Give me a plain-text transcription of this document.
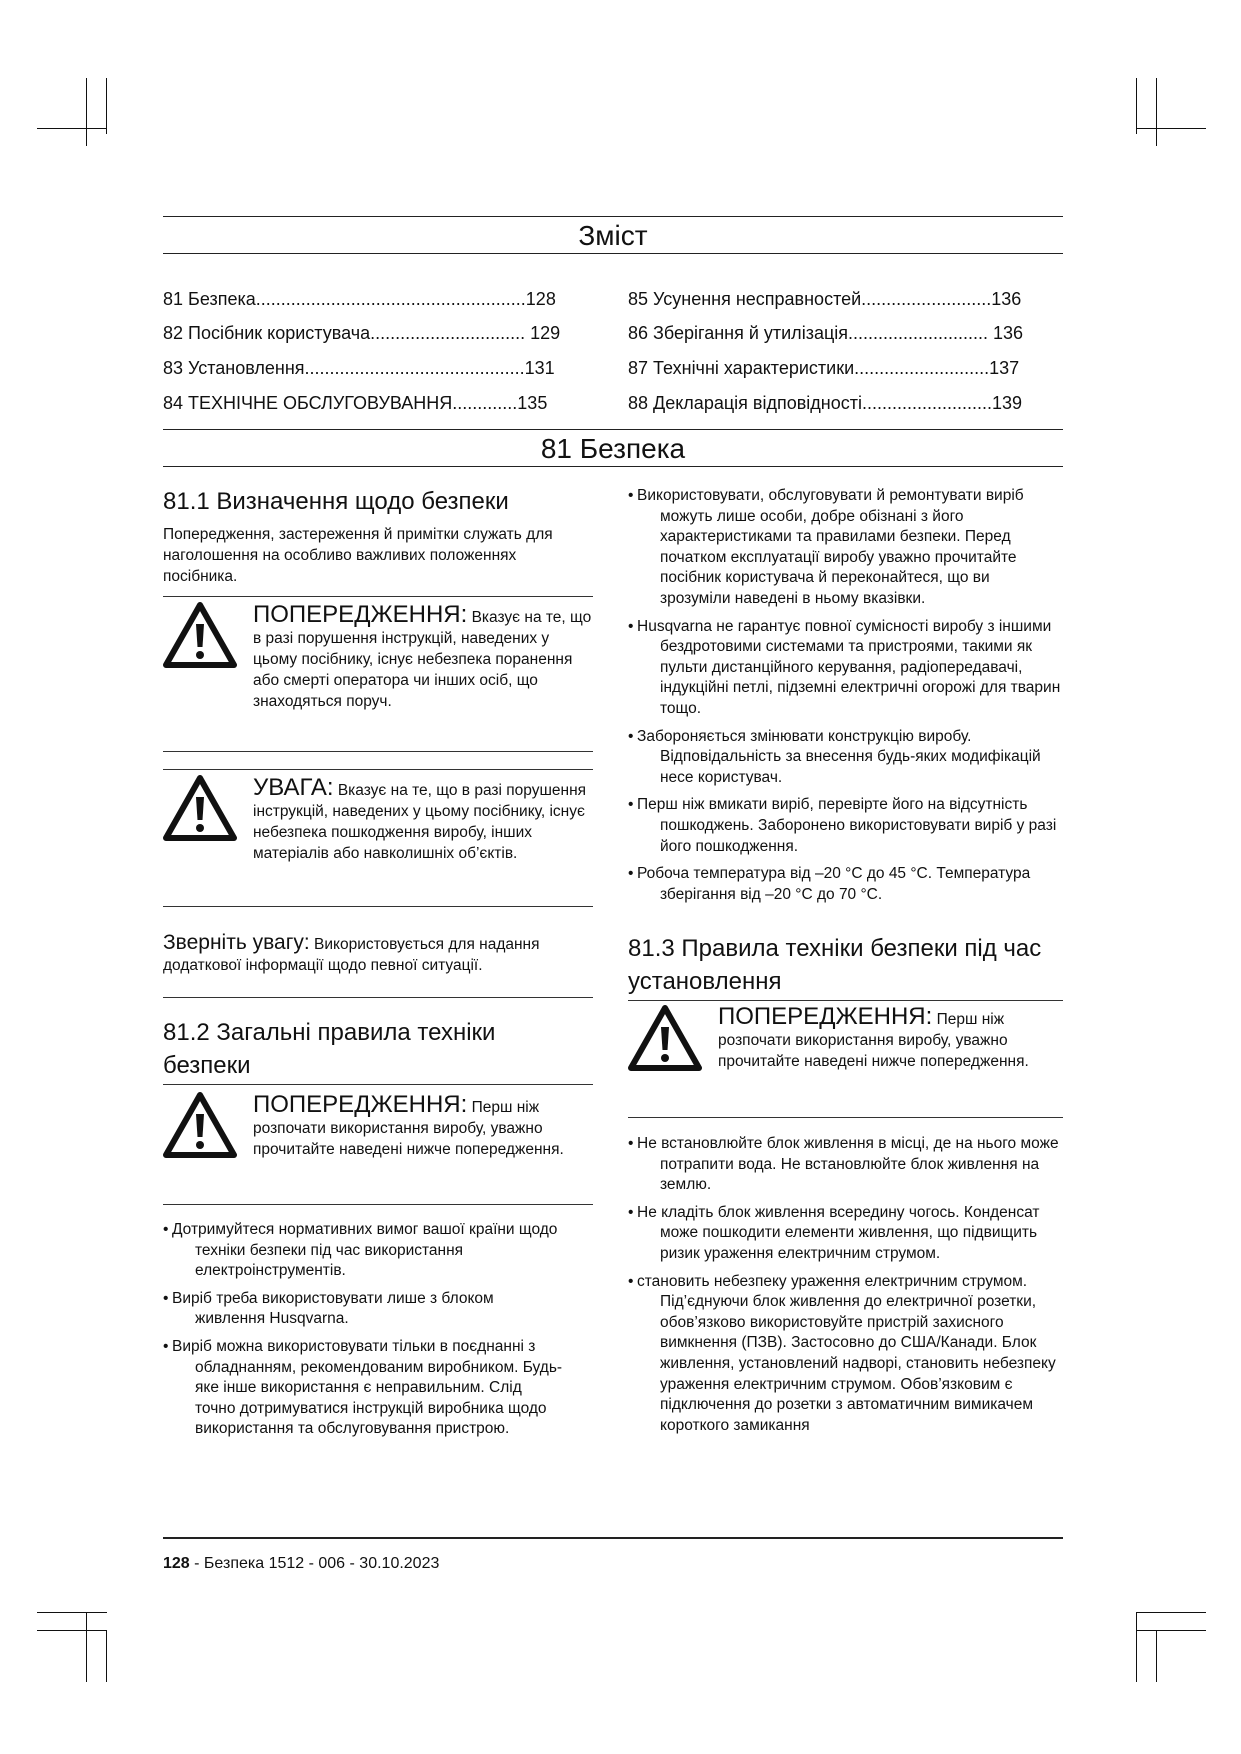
Зміст
81 Безпека......................................................128
82 Посібник користувача............................... 129
83 Установлення............................................131
84 ТЕХНІЧНЕ ОБСЛУГОВУВАННЯ.............135
85 Усунення несправностей..........................136
86 Зберігання й утилізація............................ 136
87 Технічні характеристики...........................137
88 Декларація відповідності..........................139
81 Безпека
81.1 Визначення щодо безпеки
Попередження, застереження й примітки служать для наголошення на особливо важливих положеннях посібника.
ПОПЕРЕДЖЕННЯ: Вказує на те, що в разі порушення інструкцій, наведених у цьому посібнику, існує небезпека поранення або смерті оператора чи інших осіб, що знаходяться поруч.
УВАГА: Вказує на те, що в разі порушення інструкцій, наведених у цьому посібнику, існує небезпека пошкодження виробу, інших матеріалів або навколишніх об’єктів.
Зверніть увагу: Використовується для надання додаткової інформації щодо певної ситуації.
81.2 Загальні правила техніки безпеки
ПОПЕРЕДЖЕННЯ: Перш ніж розпочати використання виробу, уважно прочитайте наведені нижче попередження.
• Дотримуйтеся нормативних вимог вашої країни щодо техніки безпеки під час використання електроінструментів.
• Виріб треба використовувати лише з блоком живлення Husqvarna.
• Виріб можна використовувати тільки в поєднанні з обладнанням, рекомендованим виробником. Будь-яке інше використання є неправильним. Слід точно дотримуватися інструкцій виробника щодо використання та обслуговування пристрою.
• Використовувати, обслуговувати й ремонтувати виріб можуть лише особи, добре обізнані з його характеристиками та правилами безпеки. Перед початком експлуатації виробу уважно прочитайте посібник користувача й переконайтеся, що ви зрозуміли наведені в ньому вказівки.
• Husqvarna не гарантує повної сумісності виробу з іншими бездротовими системами та пристроями, такими як пульти дистанційного керування, радіопередавачі, індукційні петлі, підземні електричні огорожі для тварин тощо.
• Забороняється змінювати конструкцію виробу. Відповідальність за внесення будь-яких модифікацій несе користувач.
• Перш ніж вмикати виріб, перевірте його на відсутність пошкоджень. Заборонено використовувати виріб у разі його пошкодження.
• Робоча температура від –20 °C до 45 °C. Температура зберігання від –20 °C до 70 °C.
81.3 Правила техніки безпеки під час установлення
ПОПЕРЕДЖЕННЯ: Перш ніж розпочати використання виробу, уважно прочитайте наведені нижче попередження.
• Не встановлюйте блок живлення в місці, де на нього може потрапити вода. Не встановлюйте блок живлення на землю.
• Не кладіть блок живлення всередину чогось. Конденсат може пошкодити елементи живлення, що підвищить ризик ураження електричним струмом.
• становить небезпеку ураження електричним струмом. Під’єднуючи блок живлення до електричної розетки, обов’язково використовуйте пристрій захисного вимкнення (ПЗВ). Застосовно до США/Канади. Блок живлення, установлений надворі, становить небезпеку ураження електричним струмом. Обов’язковим є підключення до розетки з автоматичним вимикачем короткого замикання
128 - Безпека 1512 - 006 - 30.10.2023
